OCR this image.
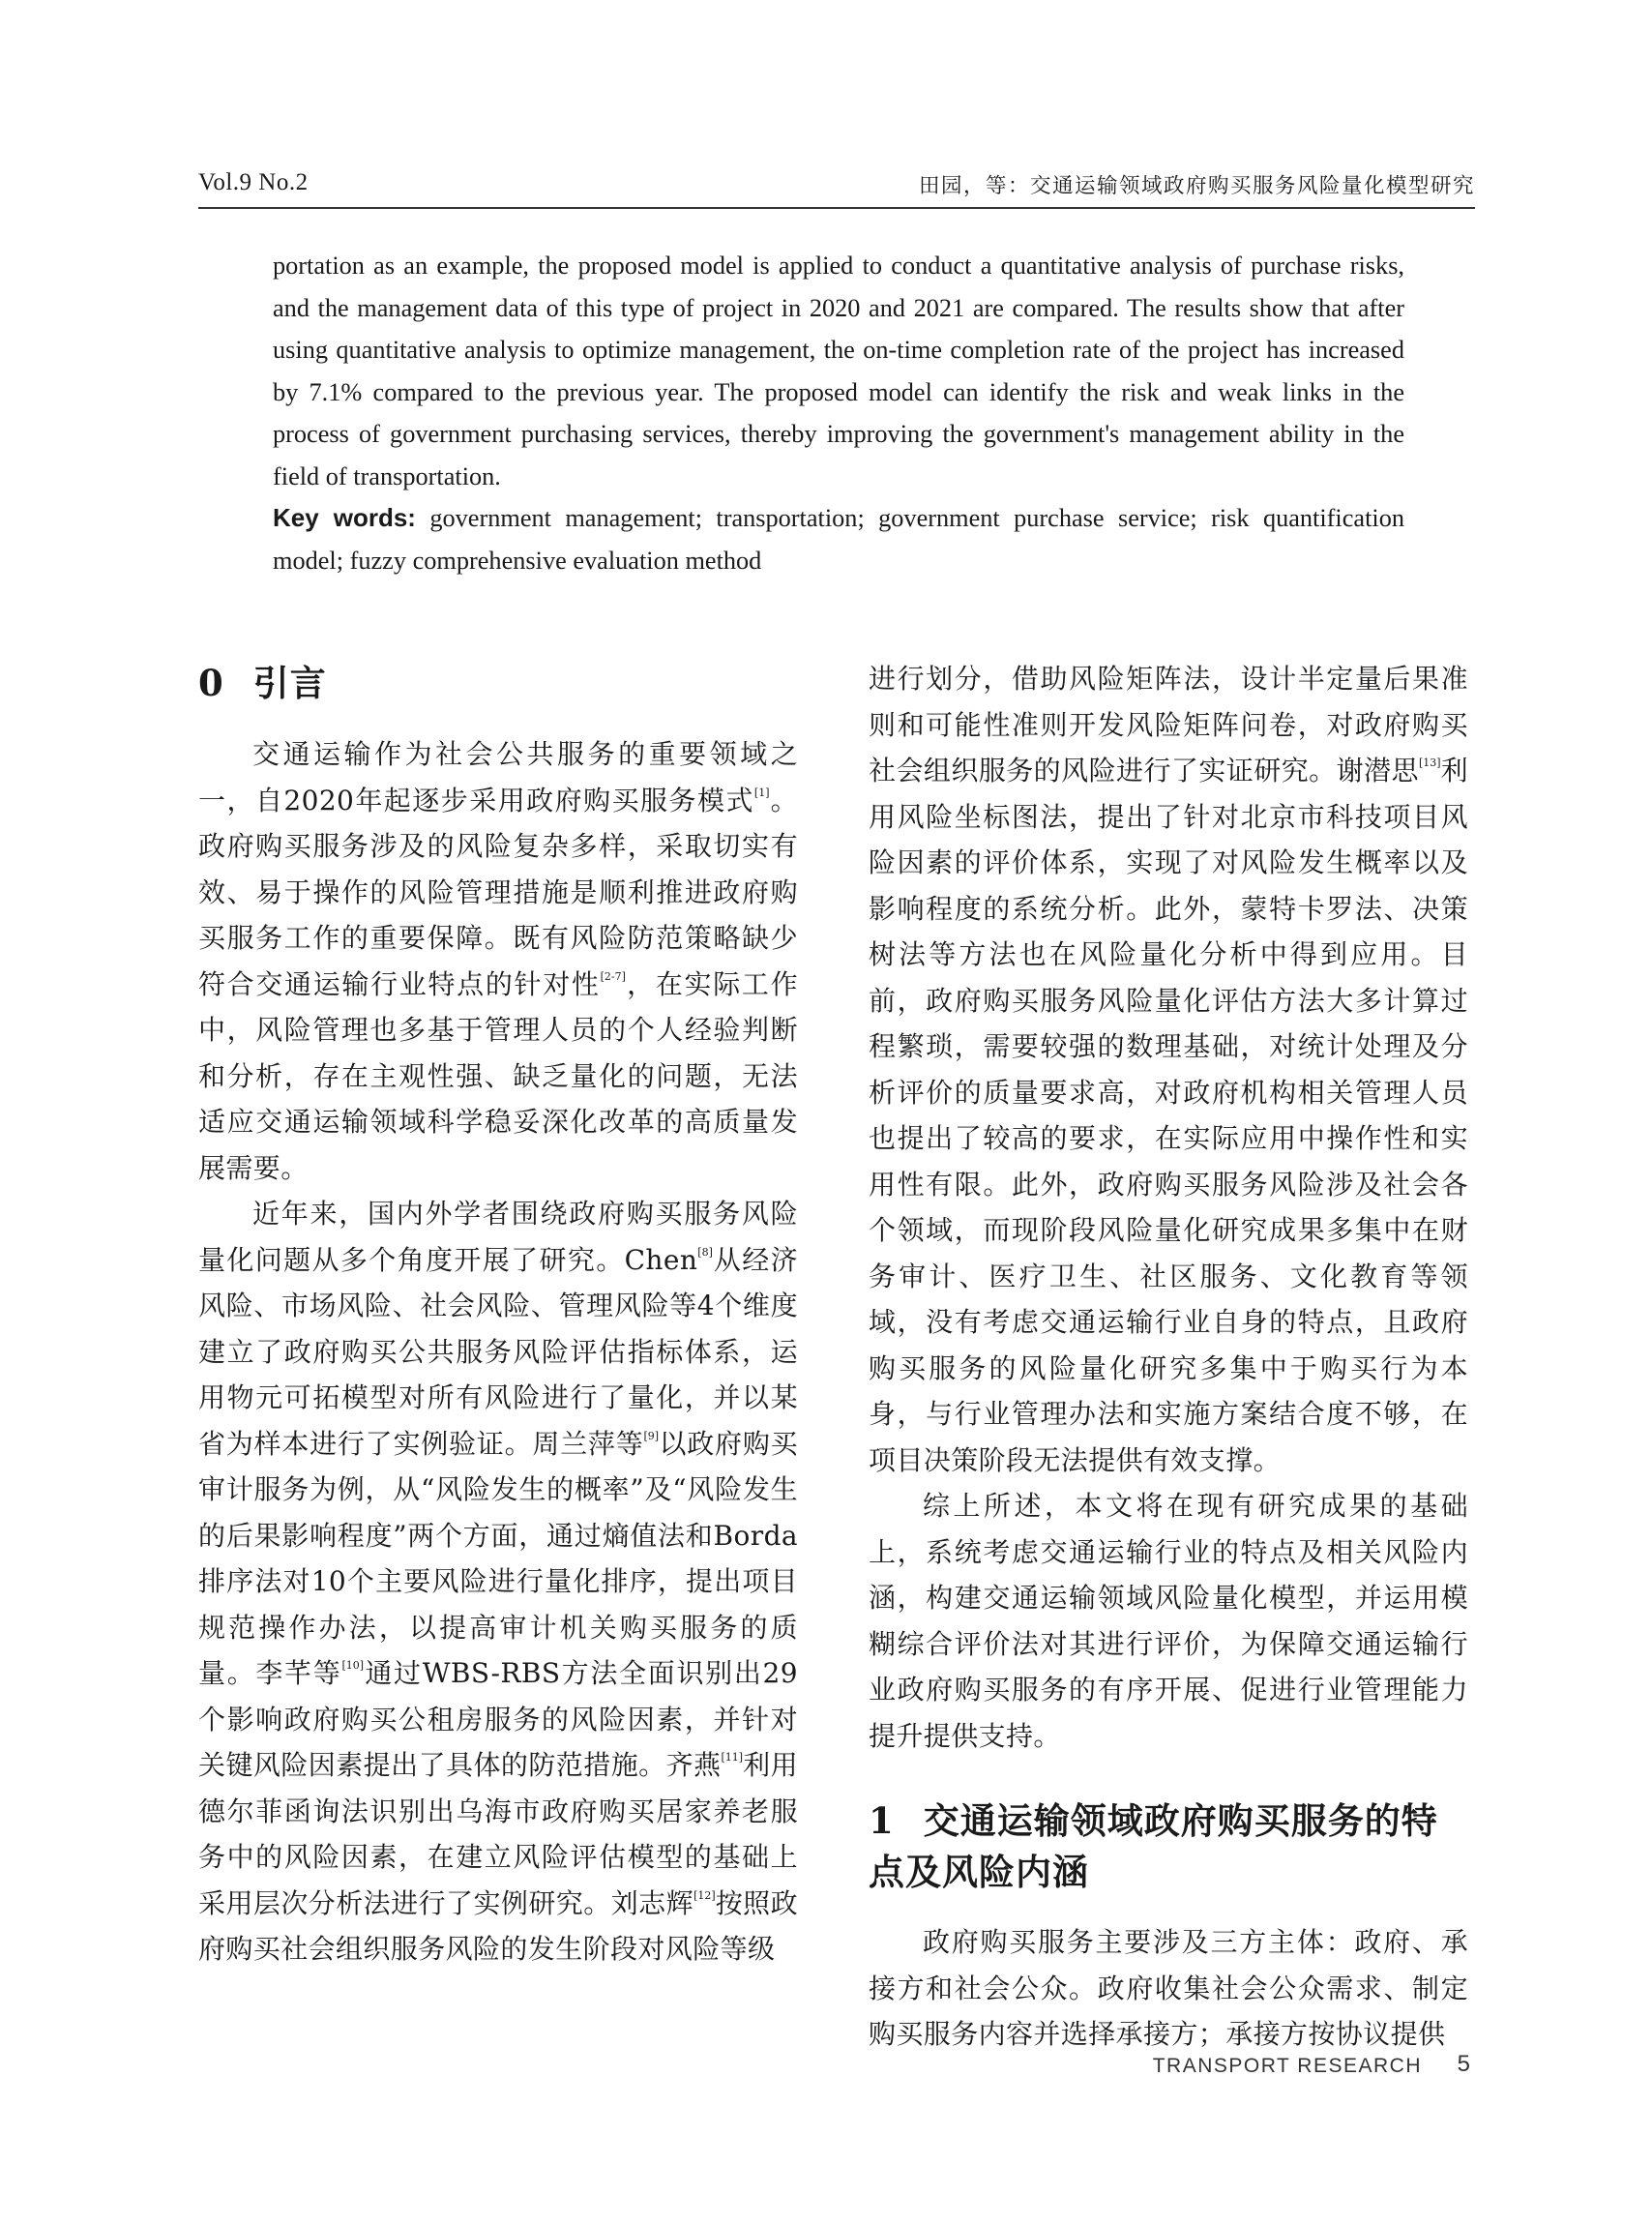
Vol.9 No.2	田园，等：交通运输领域政府购买服务风险量化模型研究

portation as an example, the proposed model is applied to conduct a quantitative analysis of purchase risks, and the management data of this type of project in 2020 and 2021 are compared. The results show that after using quantitative analysis to optimize management, the on-time completion rate of the project has increased by 7.1% compared to the previous year. The proposed model can identify the risk and weak links in the process of government purchasing services, thereby improving the government's management ability in the field of transportation.

Key words: government management; transportation; government purchase service; risk quantification model; fuzzy comprehensive evaluation method

0 引言

交通运输作为社会公共服务的重要领域之一，自2020年起逐步采用政府购买服务模式[1]。政府购买服务涉及的风险复杂多样，采取切实有效、易于操作的风险管理措施是顺利推进政府购买服务工作的重要保障。既有风险防范策略缺少符合交通运输行业特点的针对性[2-7]，在实际工作中，风险管理也多基于管理人员的个人经验判断和分析，存在主观性强、缺乏量化的问题，无法适应交通运输领域科学稳妥深化改革的高质量发展需要。

近年来，国内外学者围绕政府购买服务风险量化问题从多个角度开展了研究。Chen[8]从经济风险、市场风险、社会风险、管理风险等4个维度建立了政府购买公共服务风险评估指标体系，运用物元可拓模型对所有风险进行了量化，并以某省为样本进行了实例验证。周兰萍等[9]以政府购买审计服务为例，从“风险发生的概率”及“风险发生的后果影响程度”两个方面，通过熵值法和Borda 排序法对10个主要风险进行量化排序，提出项目规范操作办法，以提高审计机关购买服务的质量。李芊等[10]通过WBS-RBS方法全面识别出29个影响政府购买公租房服务的风险因素，并针对关键风险因素提出了具体的防范措施。齐燕[11]利用德尔菲函询法识别出乌海市政府购买居家养老服务中的风险因素，在建立风险评估模型的基础上采用层次分析法进行了实例研究。刘志辉[12]按照政府购买社会组织服务风险的发生阶段对风险等级

TRANSPORT RESEARCH 5

进行划分，借助风险矩阵法，设计半定量后果准则和可能性准则开发风险矩阵问卷，对政府购买社会组织服务的风险进行了实证研究。谢潜思[13]利用风险坐标图法，提出了针对北京市科技项目风险因素的评价体系，实现了对风险发生概率以及影响程度的系统分析。此外，蒙特卡罗法、决策树法等方法也在风险量化分析中得到应用。目前，政府购买服务风险量化评估方法大多计算过程繁琐，需要较强的数理基础，对统计处理及分析评价的质量要求高，对政府机构相关管理人员也提出了较高的要求，在实际应用中操作性和实用性有限。此外，政府购买服务风险涉及社会各个领域，而现阶段风险量化研究成果多集中在财务审计、医疗卫生、社区服务、文化教育等领域，没有考虑交通运输行业自身的特点，且政府购买服务的风险量化研究多集中于购买行为本身，与行业管理办法和实施方案结合度不够，在项目决策阶段无法提供有效支撑。

综上所述，本文将在现有研究成果的基础上，系统考虑交通运输行业的特点及相关风险内涵，构建交通运输领域风险量化模型，并运用模糊综合评价法对其进行评价，为保障交通运输行业政府购买服务的有序开展、促进行业管理能力提升提供支持。

1 交通运输领域政府购买服务的特点及风险内涵

政府购买服务主要涉及三方主体：政府、承接方和社会公众。政府收集社会公众需求、制定购买服务内容并选择承接方；承接方按协议提供
